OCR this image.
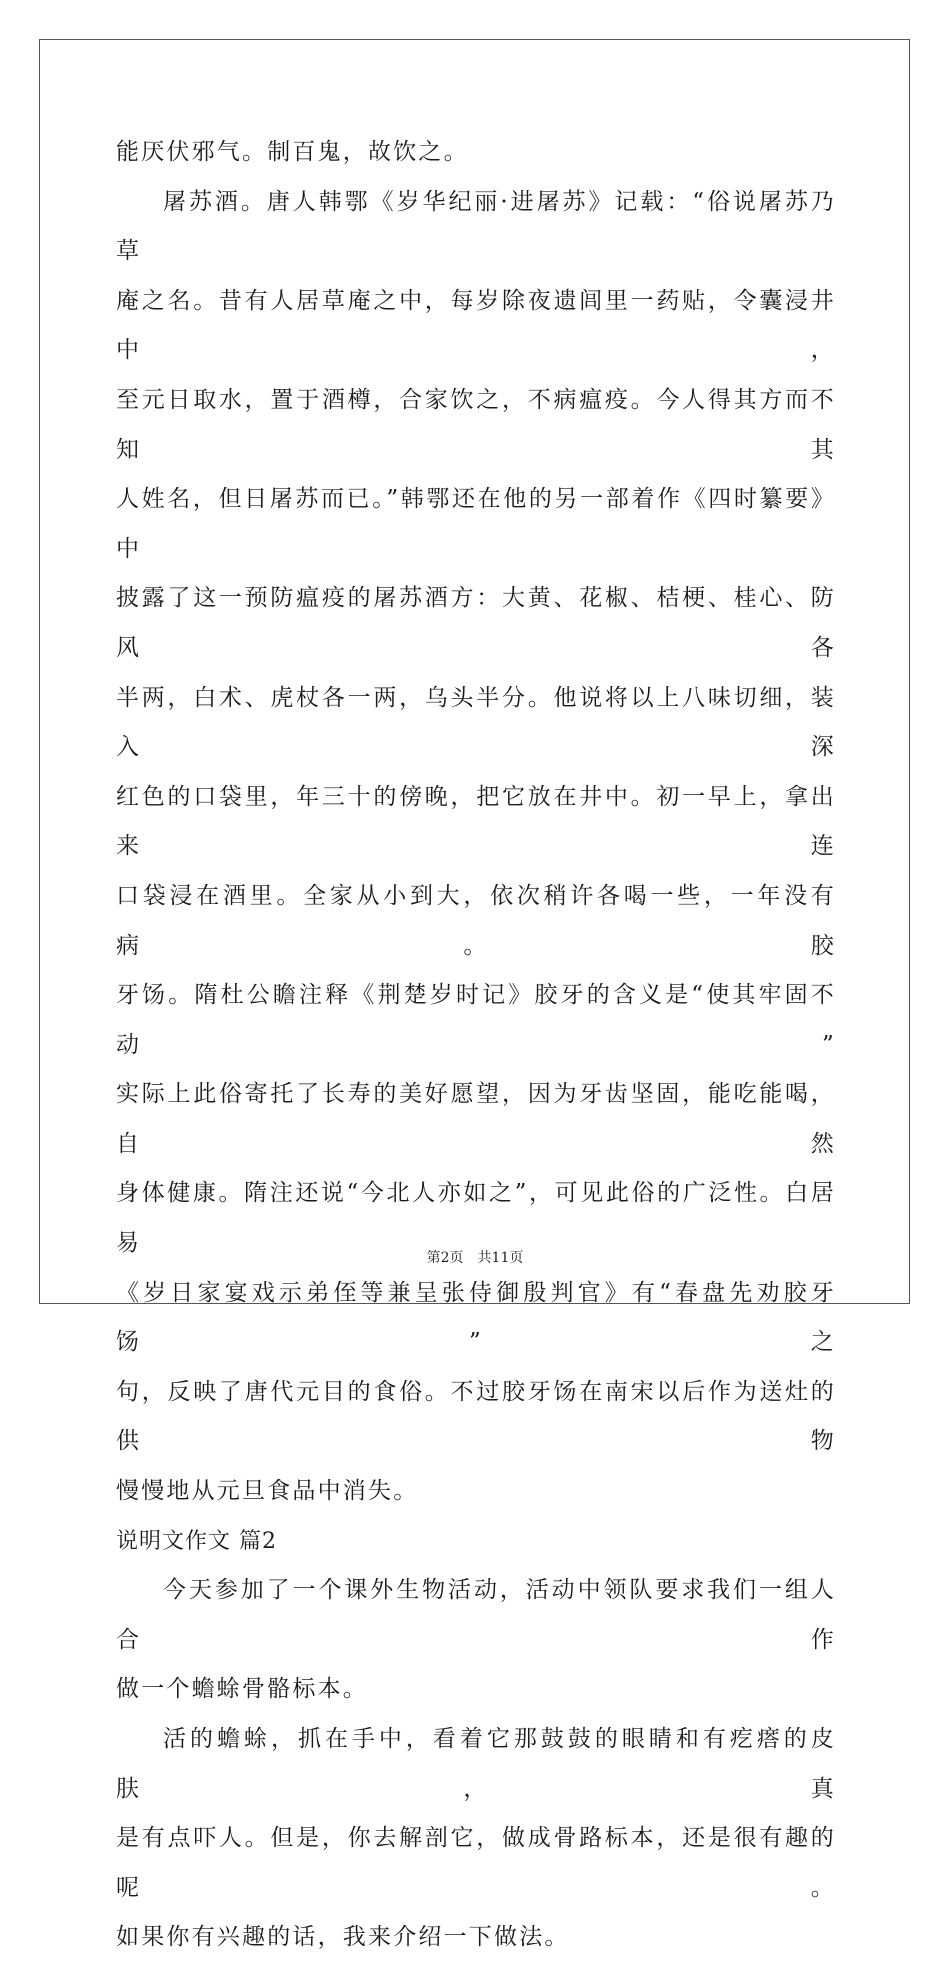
能厌伏邪气。制百鬼，故饮之。
屠苏酒。唐人韩鄂《岁华纪丽·进屠苏》记载：“俗说屠苏乃草
庵之名。昔有人居草庵之中，每岁除夜遗闾里一药贴，令囊浸井中，
至元日取水，置于酒樽，合家饮之，不病瘟疫。今人得其方而不知其
人姓名，但日屠苏而已。”韩鄂还在他的另一部着作《四时纂要》中
披露了这一预防瘟疫的屠苏酒方：大黄、花椒、桔梗、桂心、防风各
半两，白术、虎杖各一两，乌头半分。他说将以上八味切细，装入深
红色的口袋里，年三十的傍晚，把它放在井中。初一早上，拿出来连
口袋浸在酒里。全家从小到大，依次稍许各喝一些，一年没有病。胶
牙饧。隋杜公瞻注释《荆楚岁时记》胶牙的含义是“使其牢固不动”
实际上此俗寄托了长寿的美好愿望，因为牙齿坚固，能吃能喝，自然
身体健康。隋注还说“今北人亦如之”，可见此俗的广泛性。白居易
《岁日家宴戏示弟侄等兼呈张侍御殷判官》有“春盘先劝胶牙饧”之
句，反映了唐代元目的食俗。不过胶牙饧在南宋以后作为送灶的供物
慢慢地从元旦食品中消失。
说明文作文 篇2
今天参加了一个课外生物活动，活动中领队要求我们一组人合作
做一个蟾蜍骨骼标本。
活的蟾蜍，抓在手中，看着它那鼓鼓的眼睛和有疙瘩的皮肤，真
是有点吓人。但是，你去解剖它，做成骨路标本，还是很有趣的呢。
如果你有兴趣的话，我来介绍一下做法。
第2页 共11页
